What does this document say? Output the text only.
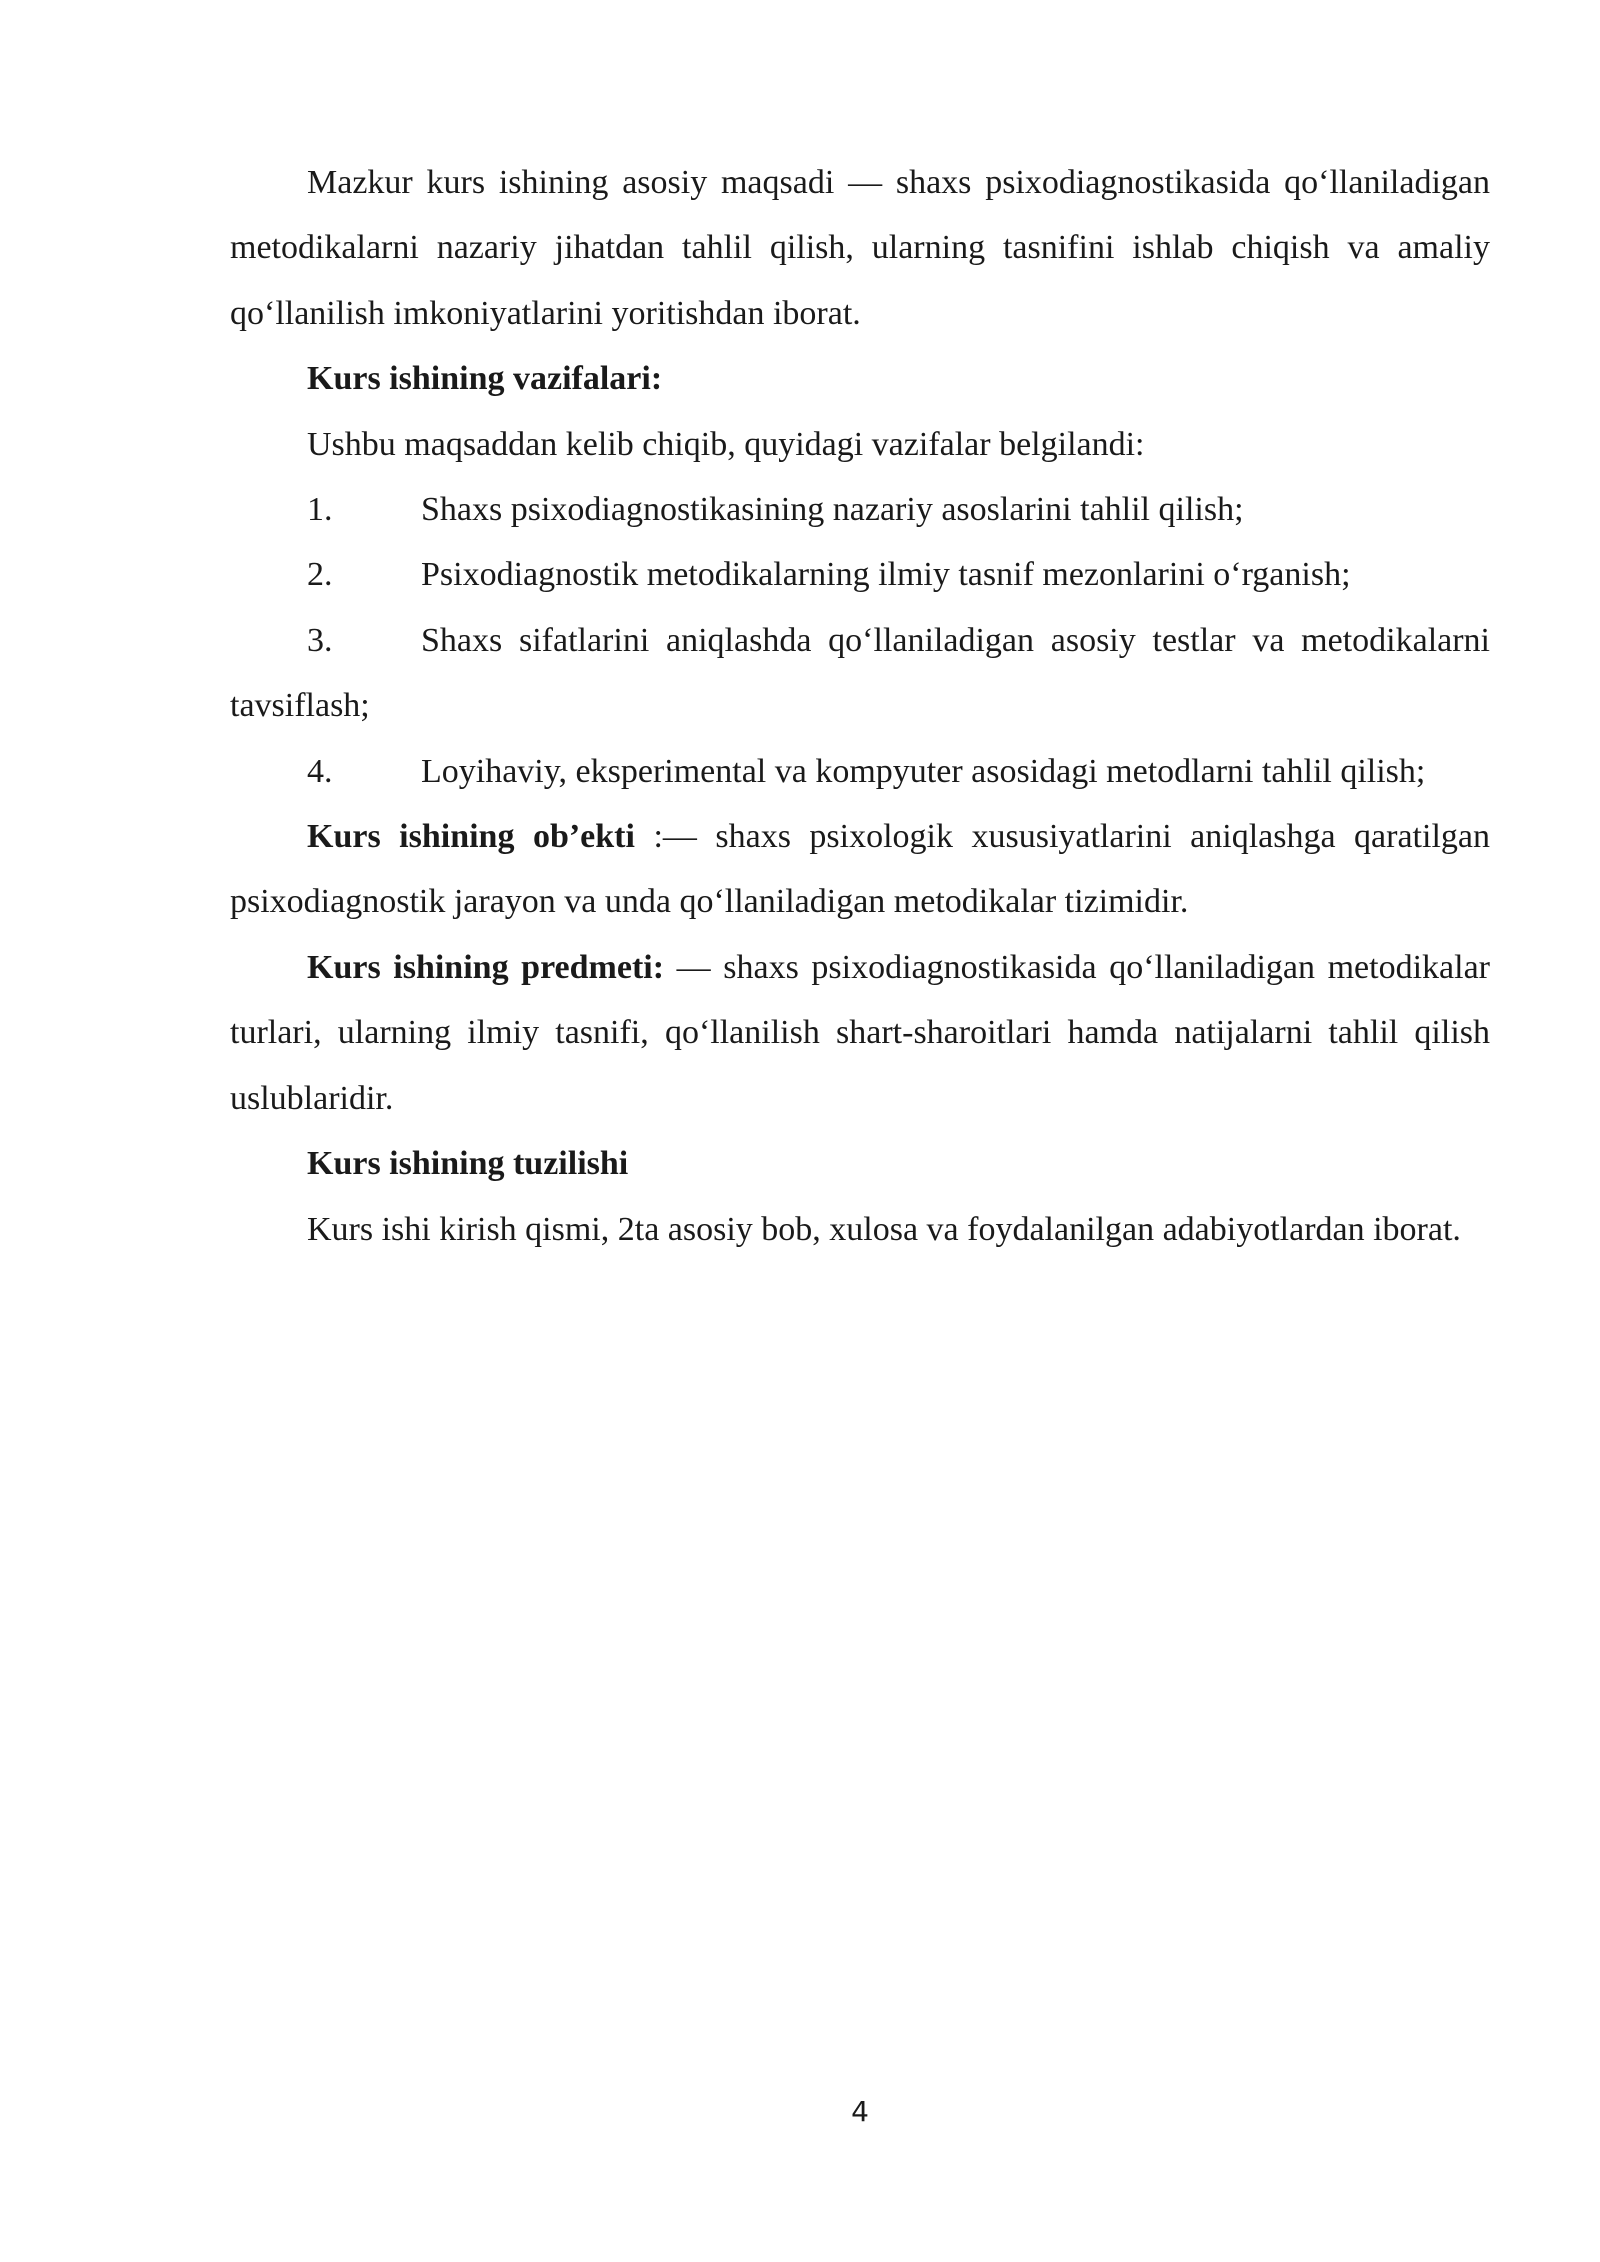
Mazkur kurs ishining asosiy maqsadi — shaxs psixodiagnostikasida qo‘llaniladigan metodikalarni nazariy jihatdan tahlil qilish, ularning tasnifini ishlab chiqish va amaliy qo‘llanilish imkoniyatlarini yoritishdan iborat.

Kurs ishining vazifalari:

Ushbu maqsaddan kelib chiqib, quyidagi vazifalar belgilandi:

1.	Shaxs psixodiagnostikasining nazariy asoslarini tahlil qilish;

2.	Psixodiagnostik metodikalarning ilmiy tasnif mezonlarini o‘rganish;

3.	Shaxs sifatlarini aniqlashda qo‘llaniladigan asosiy testlar va metodikalarni tavsiflash;

4.	Loyihaviy, eksperimental va kompyuter asosidagi metodlarni tahlil qilish;

Kurs ishining ob’ekti :— shaxs psixologik xususiyatlarini aniqlashga qaratilgan psixodiagnostik jarayon va unda qo‘llaniladigan metodikalar tizimidir.

Kurs ishining predmeti: — shaxs psixodiagnostikasida qo‘llaniladigan metodikalar turlari, ularning ilmiy tasnifi, qo‘llanilish shart-sharoitlari hamda natijalarni tahlil qilish uslublaridir.

Kurs ishining tuzilishi

Kurs ishi kirish qismi, 2ta asosiy bob, xulosa va foydalanilgan adabiyotlardan iborat.

4
